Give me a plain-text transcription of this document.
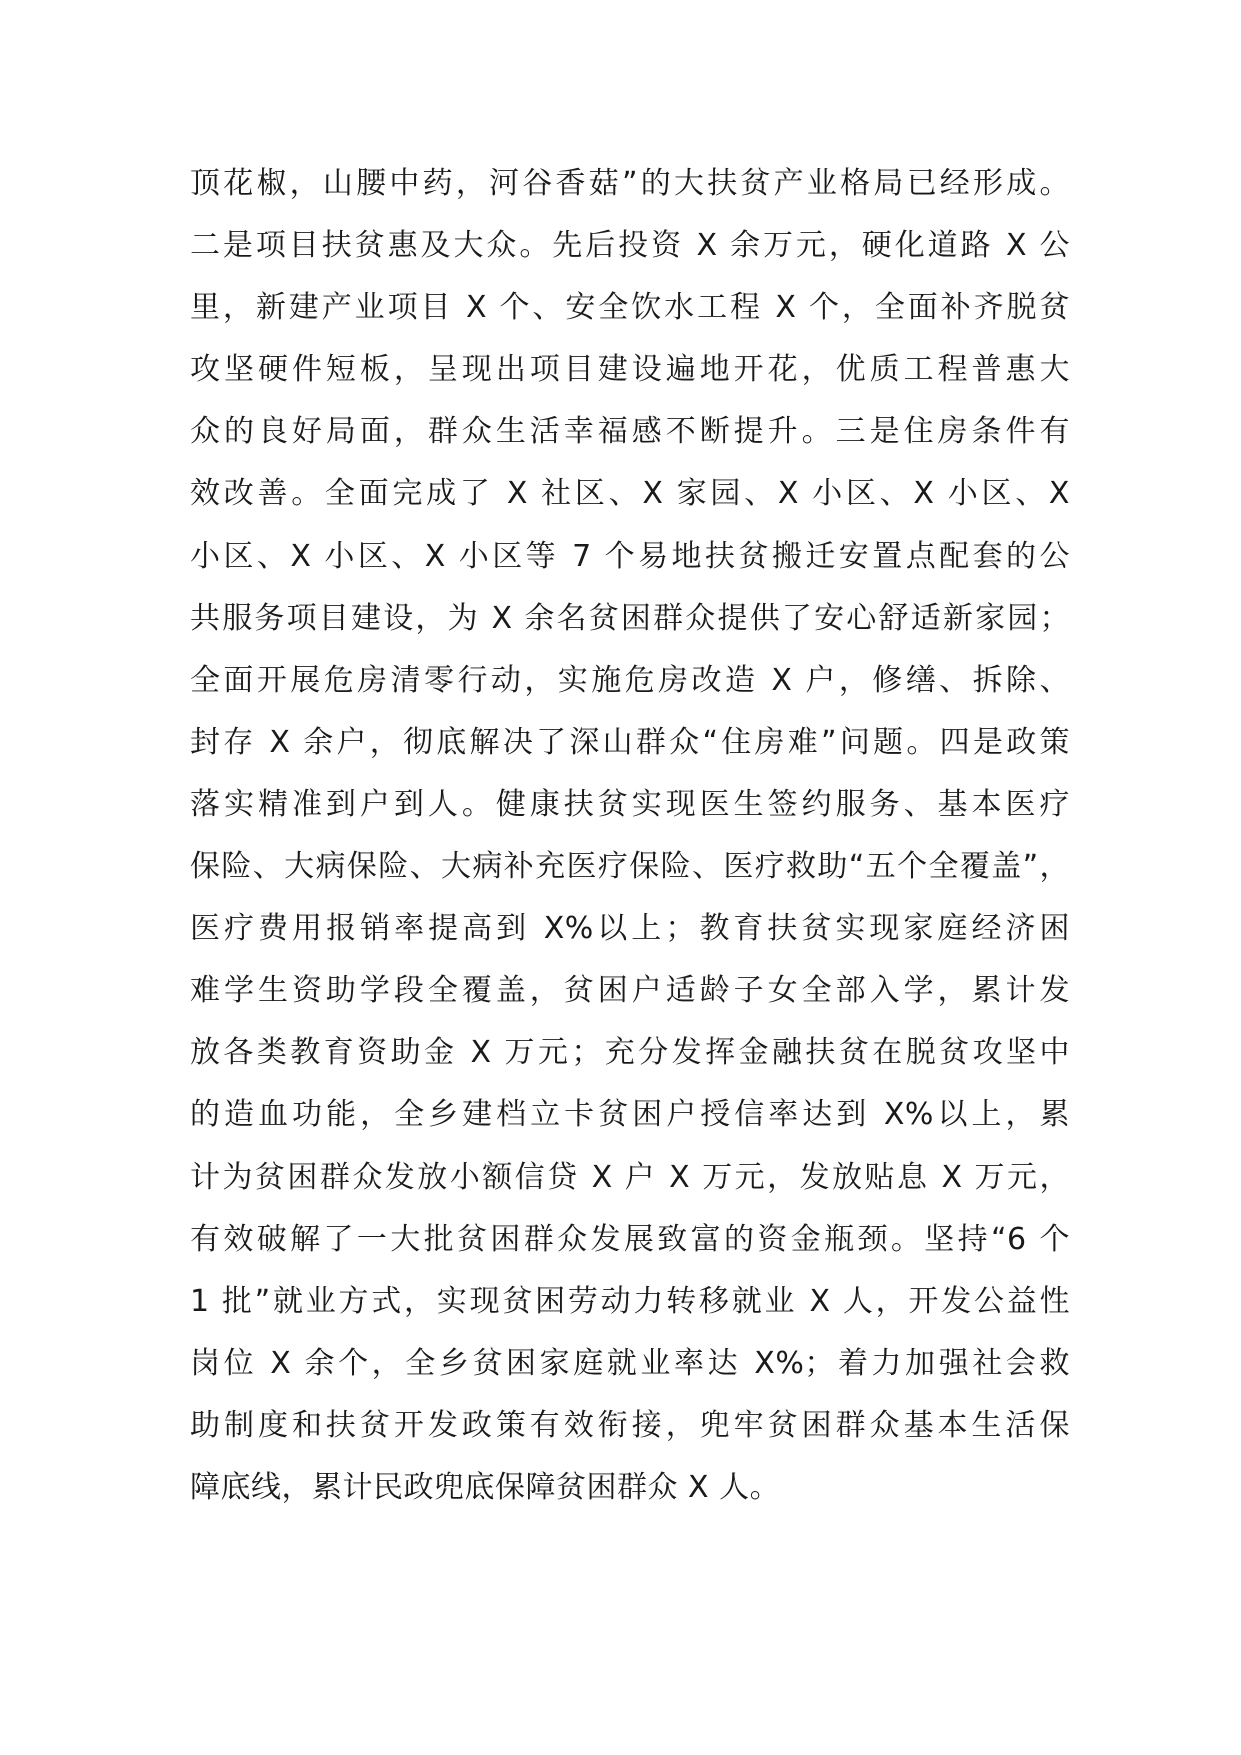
顶花椒，山腰中药，河谷香菇”的大扶贫产业格局已经形成。
二是项目扶贫惠及大众。先后投资 X 余万元，硬化道路 X 公
里，新建产业项目 X 个、安全饮水工程 X 个，全面补齐脱贫
攻坚硬件短板，呈现出项目建设遍地开花，优质工程普惠大
众的良好局面，群众生活幸福感不断提升。三是住房条件有
效改善。全面完成了 X 社区、X 家园、X 小区、X 小区、X
小区、X 小区、X 小区等 7 个易地扶贫搬迁安置点配套的公
共服务项目建设，为 X 余名贫困群众提供了安心舒适新家园；
全面开展危房清零行动，实施危房改造 X 户，修缮、拆除、
封存 X 余户，彻底解决了深山群众“住房难”问题。四是政策
落实精准到户到人。健康扶贫实现医生签约服务、基本医疗
保险、大病保险、大病补充医疗保险、医疗救助“五个全覆盖”，
医疗费用报销率提高到 X%以上；教育扶贫实现家庭经济困
难学生资助学段全覆盖，贫困户适龄子女全部入学，累计发
放各类教育资助金 X 万元；充分发挥金融扶贫在脱贫攻坚中
的造血功能，全乡建档立卡贫困户授信率达到 X%以上，累
计为贫困群众发放小额信贷 X 户 X 万元，发放贴息 X 万元，
有效破解了一大批贫困群众发展致富的资金瓶颈。坚持“6 个
1 批”就业方式，实现贫困劳动力转移就业 X 人，开发公益性
岗位 X 余个，全乡贫困家庭就业率达 X%；着力加强社会救
助制度和扶贫开发政策有效衔接，兜牢贫困群众基本生活保
障底线，累计民政兜底保障贫困群众 X 人。
